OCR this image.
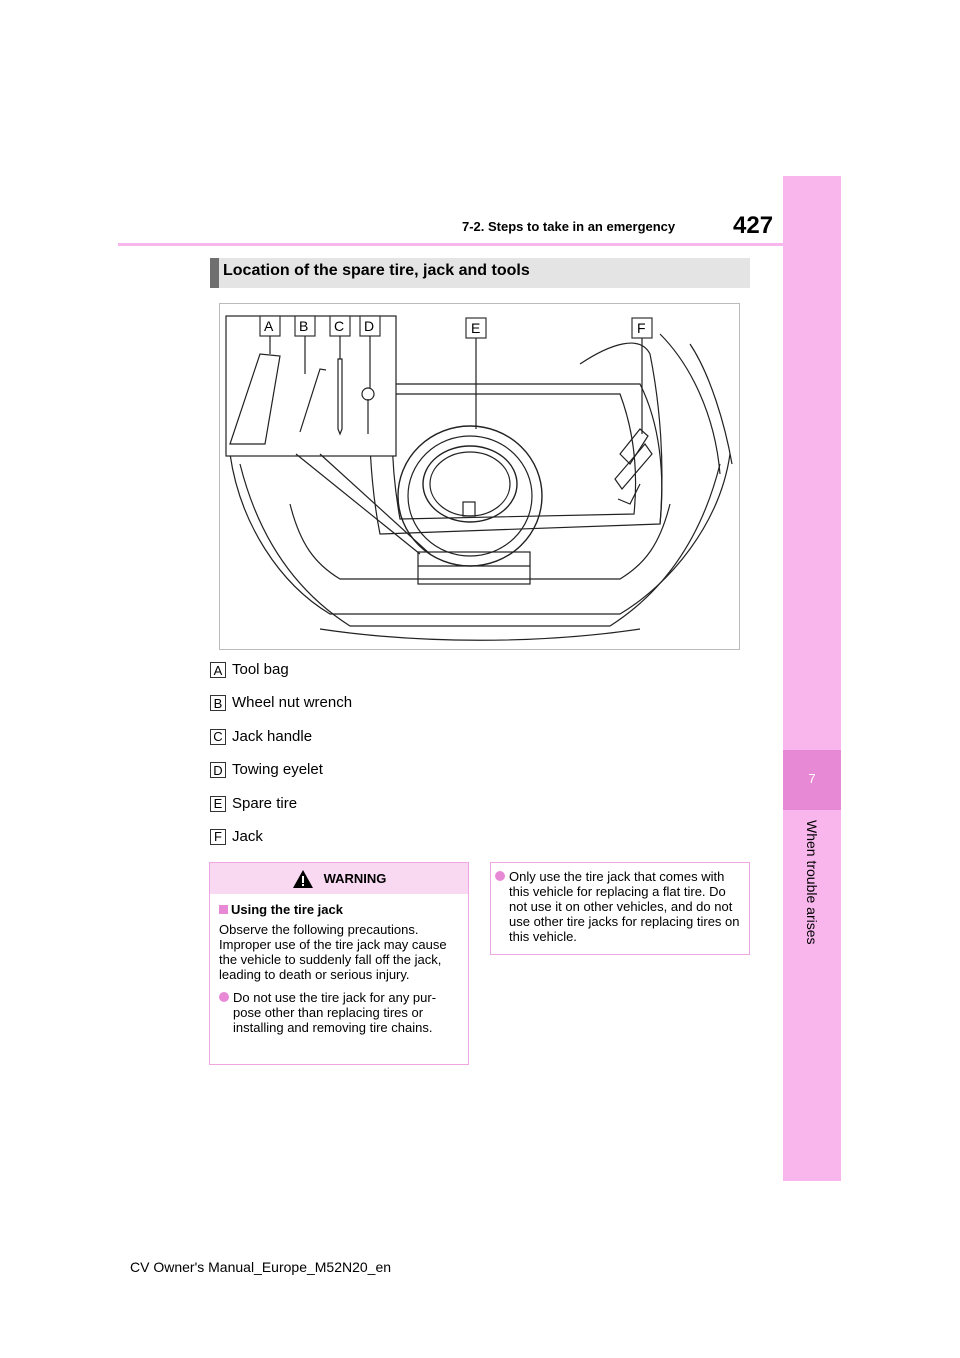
7
When trouble arises
7-2. Steps to take in an emergency 427
Location of the spare tire, jack and tools
A B C D	E	F
A Tool bag
B Wheel nut wrench
C Jack handle
D Towing eyelet
E Spare tire
F Jack
WARNING
Using the tire jack
Observe the following precautions. Improper use of the tire jack may cause the vehicle to suddenly fall off the jack, leading to death or serious injury.
Do not use the tire jack for any pur-pose other than replacing tires or installing and removing tire chains.
Only use the tire jack that comes with this vehicle for replacing a flat tire. Do not use it on other vehicles, and do not use other tire jacks for replacing tires on this vehicle.
CV Owner's Manual_Europe_M52N20_en
